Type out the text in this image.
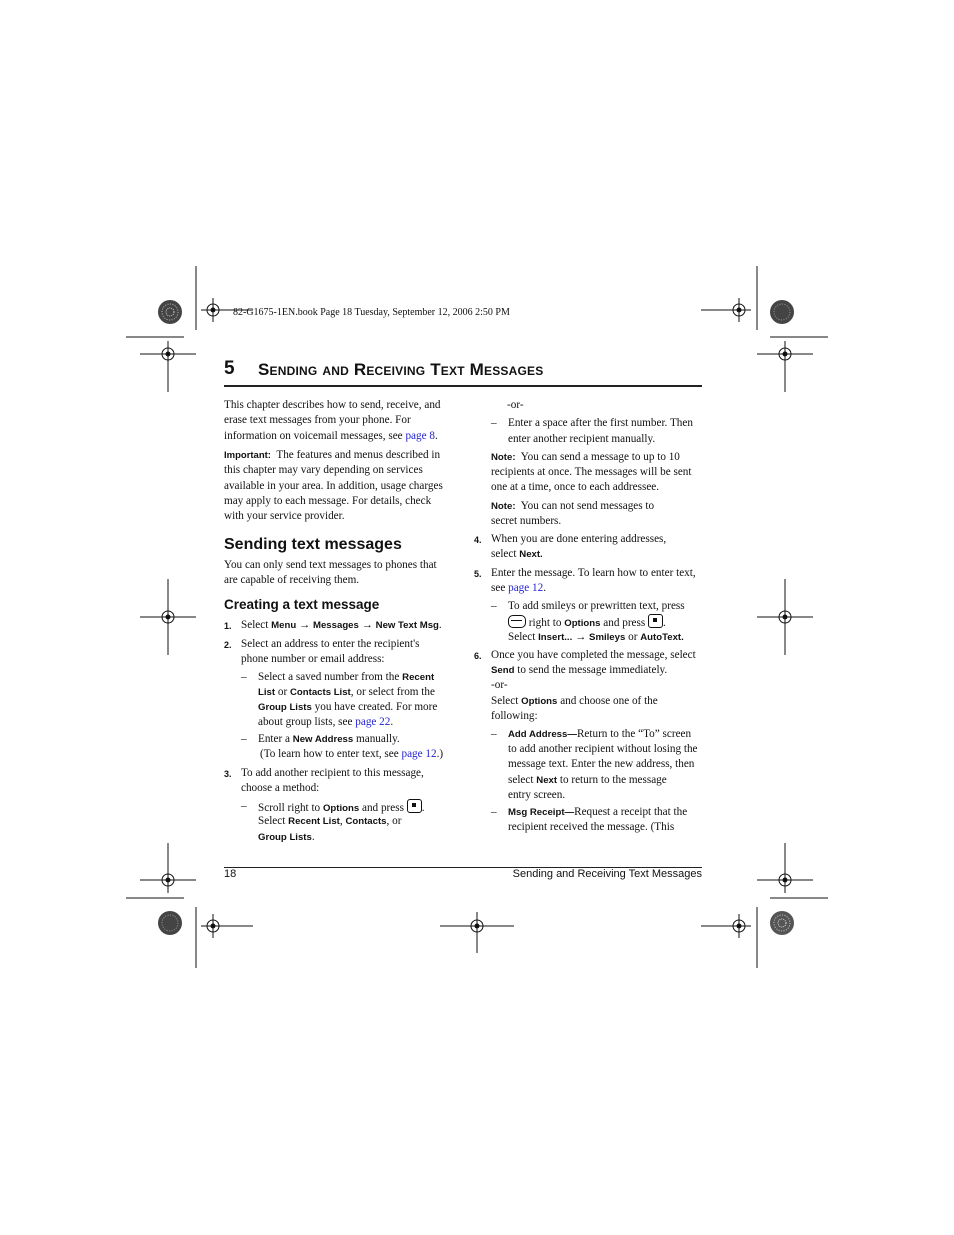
82-G1675-1EN.book Page 18 Tuesday, September 12, 2006 2:50 PM
5 Sending and Receiving Text Messages
This chapter describes how to send, receive, and
erase text messages from your phone. For
information on voicemail messages, see page 8.
Important: The features and menus described in
this chapter may vary depending on services
available in your area. In addition, usage charges
may apply to each message. For details, check
with your service provider.
Sending text messages
You can only send text messages to phones that
are capable of receiving them.
Creating a text message
1. Select Menu → Messages → New Text Msg.
2. Select an address to enter the recipient's
phone number or email address:
– Select a saved number from the Recent
List or Contacts List, or select from the
Group Lists you have created. For more
about group lists, see page 22.
– Enter a New Address manually.
(To learn how to enter text, see page 12.)
3. To add another recipient to this message,
choose a method:
– Scroll right to Options and press .
Select Recent List, Contacts, or
Group Lists.
-or-
– Enter a space after the first number. Then
enter another recipient manually.
Note: You can send a message to up to 10
recipients at once. The messages will be sent
one at a time, once to each addressee.
Note: You can not send messages to
secret numbers.
4. When you are done entering addresses,
select Next.
5. Enter the message. To learn how to enter text,
see page 12.
– To add smileys or prewritten text, press
right to Options and press .
Select Insert... → Smileys or AutoText.
6. Once you have completed the message, select
Send to send the message immediately.
-or-
Select Options and choose one of the
following:
– Add Address—Return to the “To” screen
to add another recipient without losing the
message text. Enter the new address, then
select Next to return to the message
entry screen.
– Msg Receipt—Request a receipt that the
recipient received the message. (This
18	Sending and Receiving Text Messages
